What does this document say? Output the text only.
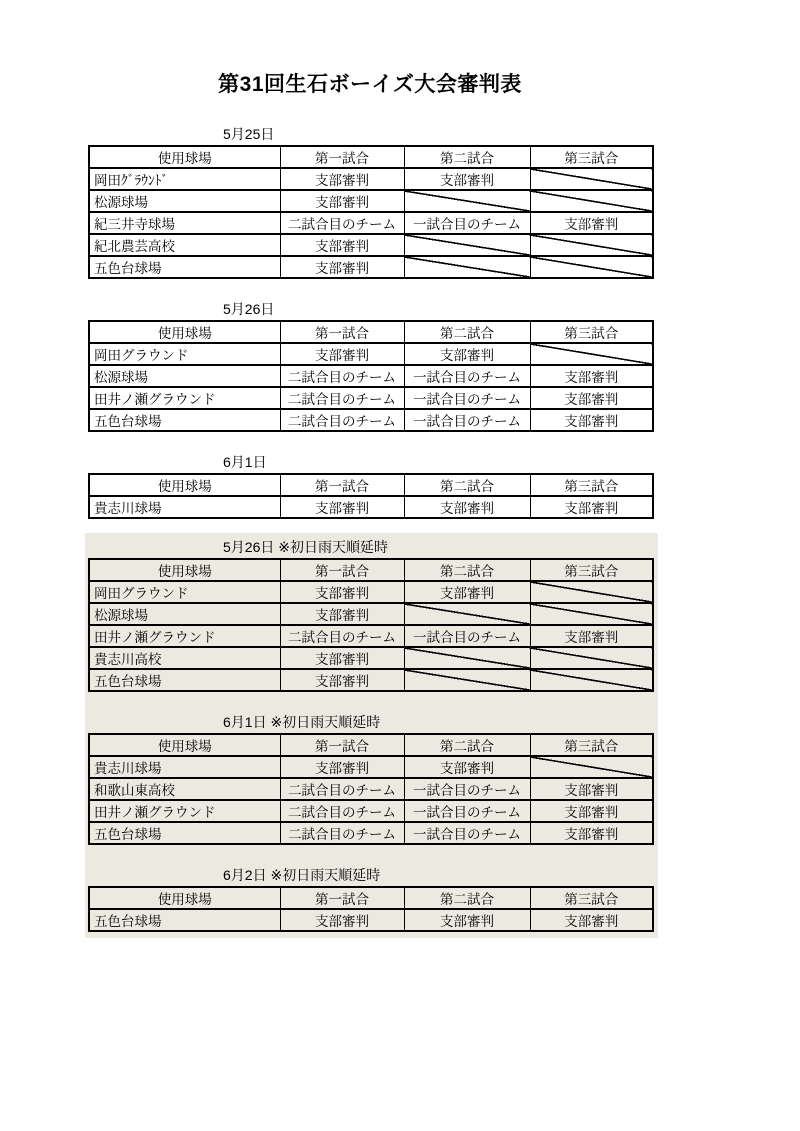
第31回生石ボーイズ大会審判表
5月25日
使用球場	第一試合	第二試合	第三試合
岡田ｸﾞﾗｳﾝﾄﾞ	支部審判	支部審判	
松源球場	支部審判		
紀三井寺球場	二試合目のチーム	一試合目のチーム	支部審判
紀北農芸高校	支部審判		
五色台球場	支部審判		
5月26日
使用球場	第一試合	第二試合	第三試合
岡田グラウンド	支部審判	支部審判	
松源球場	二試合目のチーム	一試合目のチーム	支部審判
田井ノ瀬グラウンド	二試合目のチーム	一試合目のチーム	支部審判
五色台球場	二試合目のチーム	一試合目のチーム	支部審判
6月1日
使用球場	第一試合	第二試合	第三試合
貴志川球場	支部審判	支部審判	支部審判
5月26日 ※初日雨天順延時
使用球場	第一試合	第二試合	第三試合
岡田グラウンド	支部審判	支部審判	
松源球場	支部審判		
田井ノ瀬グラウンド	二試合目のチーム	一試合目のチーム	支部審判
貴志川高校	支部審判		
五色台球場	支部審判		
6月1日 ※初日雨天順延時
使用球場	第一試合	第二試合	第三試合
貴志川球場	支部審判	支部審判	
和歌山東高校	二試合目のチーム	一試合目のチーム	支部審判
田井ノ瀬グラウンド	二試合目のチーム	一試合目のチーム	支部審判
五色台球場	二試合目のチーム	一試合目のチーム	支部審判
6月2日 ※初日雨天順延時
使用球場	第一試合	第二試合	第三試合
五色台球場	支部審判	支部審判	支部審判
